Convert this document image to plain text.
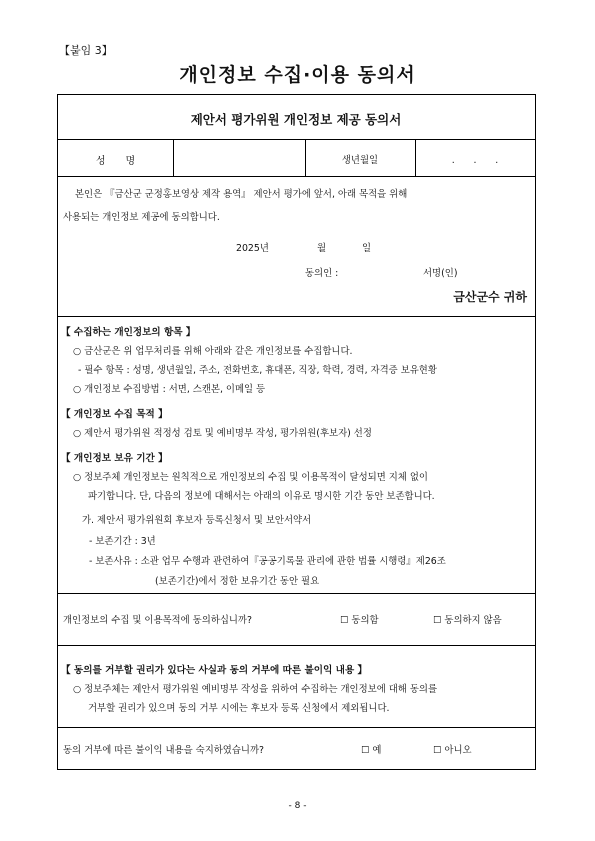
【붙임 3】
개인정보 수집·이용 동의서
제안서 평가위원 개인정보 제공 동의서
성　　명	생년월일	.　　.　　.
본인은 『금산군 군정홍보영상 제작 용역』 제안서 평가에 앞서, 아래 목적을 위해
사용되는 개인정보 제공에 동의합니다.
2025년	월	일
동의인 :	서명(인)
금산군수 귀하
【 수집하는 개인정보의 항목 】
○ 금산군은 위 업무처리를 위해 아래와 같은 개인정보를 수집합니다.
- 필수 항목 : 성명, 생년월일, 주소, 전화번호, 휴대폰, 직장, 학력, 경력, 자격증 보유현황
○ 개인정보 수집방법 : 서면, 스캔본, 이메일 등
【 개인정보 수집 목적 】
○ 제안서 평가위원 적정성 검토 및 예비명부 작성, 평가위원(후보자) 선정
【 개인정보 보유 기간 】
○ 정보주체 개인정보는 원칙적으로 개인정보의 수집 및 이용목적이 달성되면 지체 없이
파기합니다. 단, 다음의 정보에 대해서는 아래의 이유로 명시한 기간 동안 보존합니다.
가. 제안서 평가위원회 후보자 등록신청서 및 보안서약서
- 보존기간 : 3년
- 보존사유 : 소관 업무 수행과 관련하여『공공기록물 관리에 관한 법률 시행령』제26조
(보존기간)에서 정한 보유기간 동안 필요
개인정보의 수집 및 이용목적에 동의하십니까?	☐ 동의함	☐ 동의하지 않음
【 동의를 거부할 권리가 있다는 사실과 동의 거부에 따른 불이익 내용 】
○ 정보주체는 제안서 평가위원 예비명부 작성을 위하여 수집하는 개인정보에 대해 동의를
거부할 권리가 있으며 동의 거부 시에는 후보자 등록 신청에서 제외됩니다.
동의 거부에 따른 불이익 내용을 숙지하였습니까?	☐ 예	☐ 아니오
- 8 -
